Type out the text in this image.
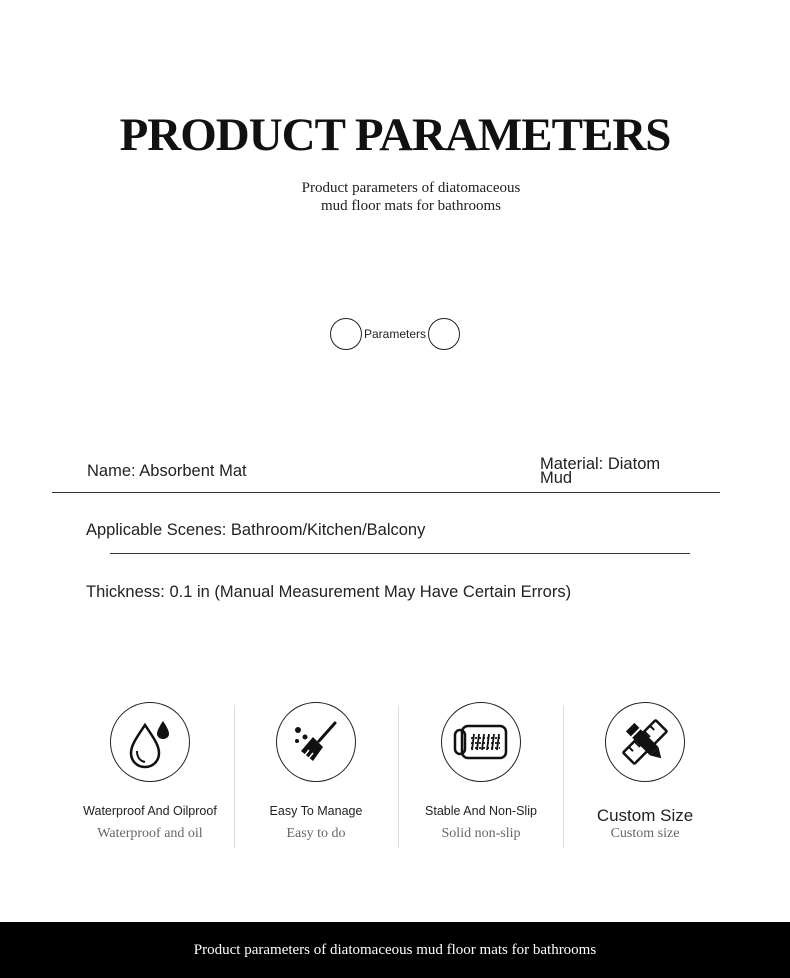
PRODUCT PARAMETERS
Product parameters of diatomaceous
mud floor mats for bathrooms
Parameters
Name: Absorbent Mat	Material: Diatom
Mud
Applicable Scenes: Bathroom/Kitchen/Balcony
Thickness: 0.1 in (Manual Measurement May Have Certain Errors)
Waterproof And Oilproof
Waterproof and oil
Easy To Manage
Easy to do
Stable And Non-Slip
Solid non-slip
Custom Size
Custom size
Product parameters of diatomaceous mud floor mats for bathrooms
